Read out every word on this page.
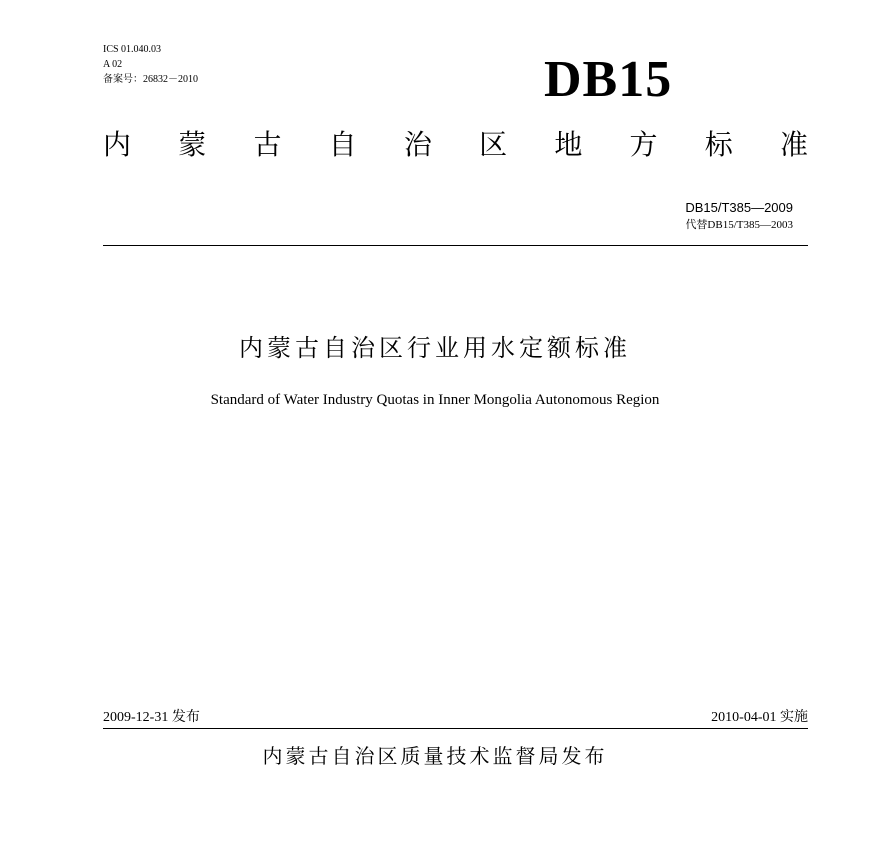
ICS 01.040.03
A 02
备案号：26832－2010	DB15
内 蒙 古 自 治 区 地 方 标 准
DB15/T385—2009
代替DB15/T385—2003
内蒙古自治区行业用水定额标准
Standard of Water Industry Quotas in Inner Mongolia Autonomous Region
2009-12-31 发布	2010-04-01 实施
内蒙古自治区质量技术监督局发布
